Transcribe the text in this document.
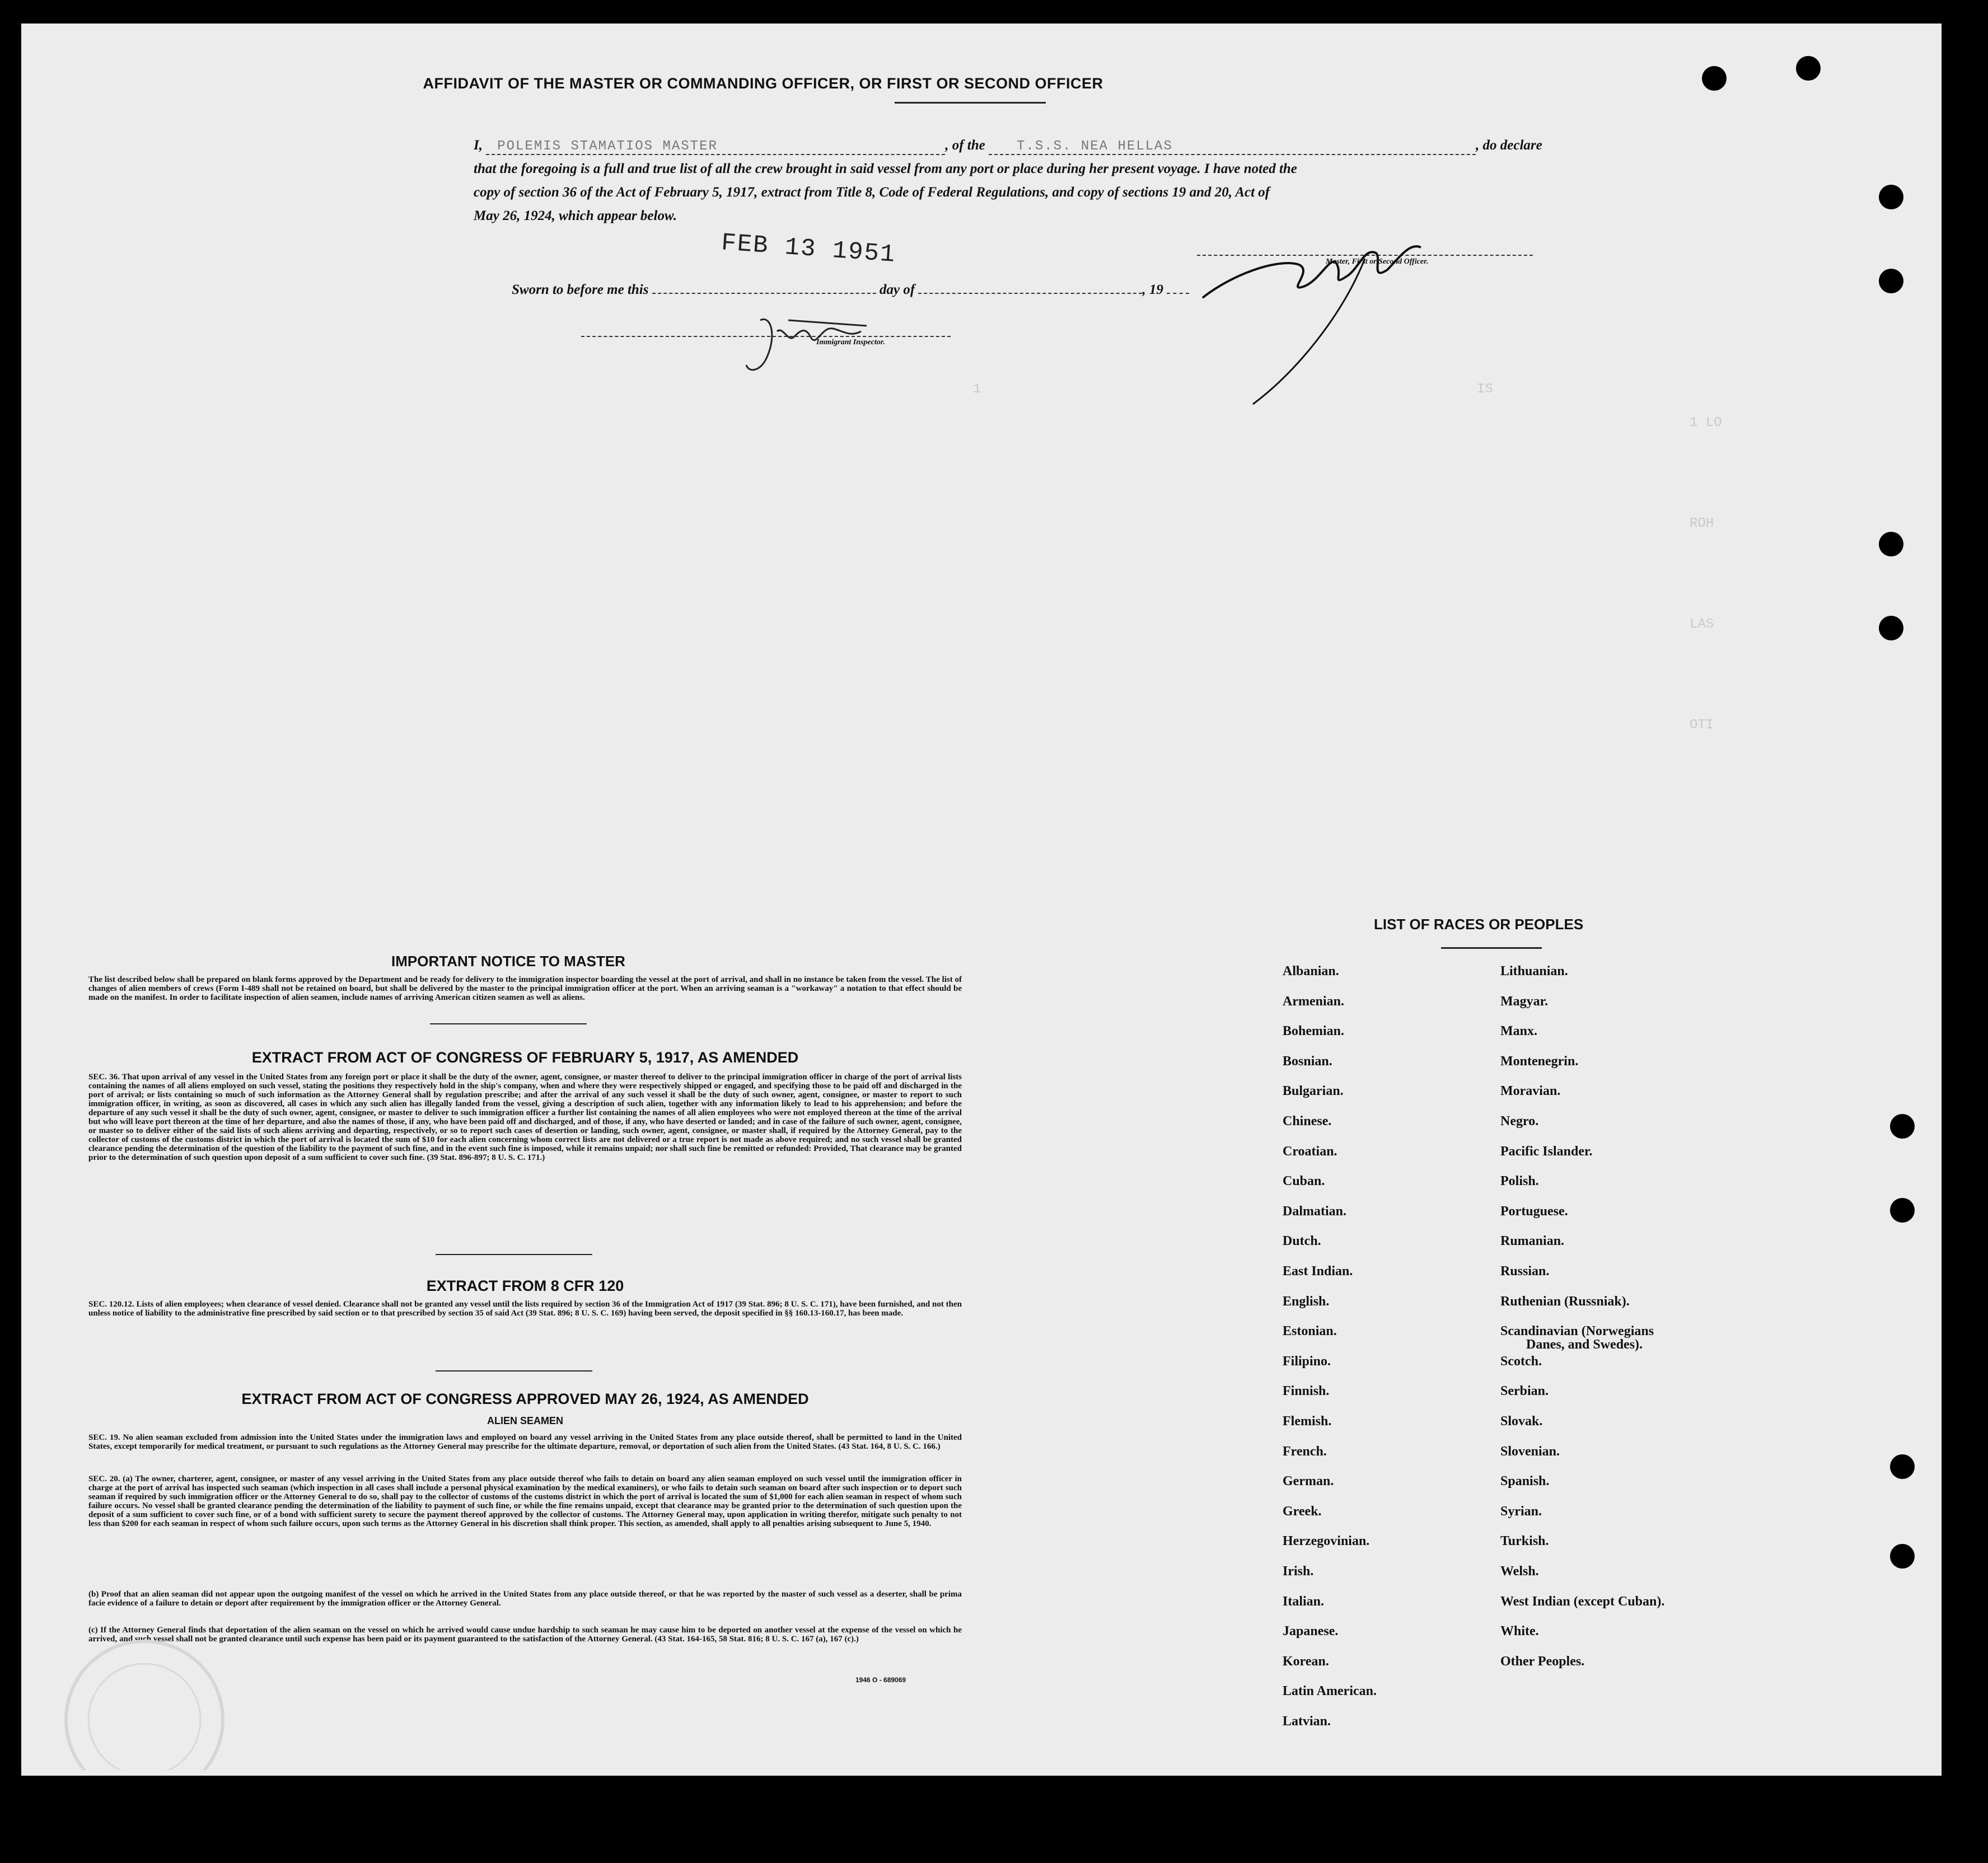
1	IS
1 LO
ROH
LAS
OTI
AFFIDAVIT OF THE MASTER OR COMMANDING OFFICER, OR FIRST OR SECOND OFFICER
I, POLEMIS STAMATIOS MASTER	, of the T.S.S. NEA HELLAS	, do declare
that the foregoing is a full and true list of all the crew brought in said vessel from any port or place during her present voyage. I have noted the
copy of section 36 of the Act of February 5, 1917, extract from Title 8, Code of Federal Regulations, and copy of sections 19 and 20, Act of
May 26, 1924, which appear below.
FEB 13 1951	Master, First or Second Officer.
Sworn to before me this	day of	, 19
Immigrant Inspector.
IMPORTANT NOTICE TO MASTER
The list described below shall be prepared on blank forms approved by the Department and be ready for delivery to the immigration inspector boarding the vessel at the port of arrival, and shall in no instance be taken from the vessel. The list of changes of alien members of crews (Form I-489 shall not be retained on board, but shall be delivered by the master to the principal immigration officer at the port. When an arriving seaman is a "workaway" a notation to that effect should be made on the manifest. In order to facilitate inspection of alien seamen, include names of arriving American citizen seamen as well as aliens.
EXTRACT FROM ACT OF CONGRESS OF FEBRUARY 5, 1917, AS AMENDED
SEC. 36. That upon arrival of any vessel in the United States from any foreign port or place it shall be the duty of the owner, agent, consignee, or master thereof to deliver to the principal immigration officer in charge of the port of arrival lists containing the names of all aliens employed on such vessel, stating the positions they respectively hold in the ship's company, when and where they were respectively shipped or engaged, and specifying those to be paid off and discharged in the port of arrival; or lists containing so much of such information as the Attorney General shall by regulation prescribe; and after the arrival of any such vessel it shall be the duty of such owner, agent, consignee, or master to report to such immigration officer, in writing, as soon as discovered, all cases in which any such alien has illegally landed from the vessel, giving a description of such alien, together with any information likely to lead to his apprehension; and before the departure of any such vessel it shall be the duty of such owner, agent, consignee, or master to deliver to such immigration officer a further list containing the names of all alien employees who were not employed thereon at the time of the arrival but who will leave port thereon at the time of her departure, and also the names of those, if any, who have been paid off and discharged, and of those, if any, who have deserted or landed; and in case of the failure of such owner, agent, consignee, or master so to deliver either of the said lists of such aliens arriving and departing, respectively, or so to report such cases of desertion or landing, such owner, agent, consignee, or master shall, if required by the Attorney General, pay to the collector of customs of the customs district in which the port of arrival is located the sum of $10 for each alien concerning whom correct lists are not delivered or a true report is not made as above required; and no such vessel shall be granted clearance pending the determination of the question of the liability to the payment of such fine, and in the event such fine is imposed, while it remains unpaid; nor shall such fine be remitted or refunded: Provided, That clearance may be granted prior to the determination of such question upon deposit of a sum sufficient to cover such fine. (39 Stat. 896-897; 8 U. S. C. 171.)
EXTRACT FROM 8 CFR 120
SEC. 120.12. Lists of alien employees; when clearance of vessel denied. Clearance shall not be granted any vessel until the lists required by section 36 of the Immigration Act of 1917 (39 Stat. 896; 8 U. S. C. 171), have been furnished, and not then unless notice of liability to the administrative fine prescribed by said section or to that prescribed by section 35 of said Act (39 Stat. 896; 8 U. S. C. 169) having been served, the deposit specified in §§ 160.13-160.17, has been made.
EXTRACT FROM ACT OF CONGRESS APPROVED MAY 26, 1924, AS AMENDED
ALIEN SEAMEN
SEC. 19. No alien seaman excluded from admission into the United States under the immigration laws and employed on board any vessel arriving in the United States from any place outside thereof, shall be permitted to land in the United States, except temporarily for medical treatment, or pursuant to such regulations as the Attorney General may prescribe for the ultimate departure, removal, or deportation of such alien from the United States. (43 Stat. 164, 8 U. S. C. 166.)
SEC. 20. (a) The owner, charterer, agent, consignee, or master of any vessel arriving in the United States from any place outside thereof who fails to detain on board any alien seaman employed on such vessel until the immigration officer in charge at the port of arrival has inspected such seaman (which inspection in all cases shall include a personal physical examination by the medical examiners), or who fails to detain such seaman on board after such inspection or to deport such seaman if required by such immigration officer or the Attorney General to do so, shall pay to the collector of customs of the customs district in which the port of arrival is located the sum of $1,000 for each alien seaman in respect of whom such failure occurs. No vessel shall be granted clearance pending the determination of the liability to payment of such fine, or while the fine remains unpaid, except that clearance may be granted prior to the determination of such question upon the deposit of a sum sufficient to cover such fine, or of a bond with sufficient surety to secure the payment thereof approved by the collector of customs. The Attorney General may, upon application in writing therefor, mitigate such penalty to not less than $200 for each seaman in respect of whom such failure occurs, upon such terms as the Attorney General in his discretion shall think proper. This section, as amended, shall apply to all penalties arising subsequent to June 5, 1940.
(b) Proof that an alien seaman did not appear upon the outgoing manifest of the vessel on which he arrived in the United States from any place outside thereof, or that he was reported by the master of such vessel as a deserter, shall be prima facie evidence of a failure to detain or deport after requirement by the immigration officer or the Attorney General.
(c) If the Attorney General finds that deportation of the alien seaman on the vessel on which he arrived would cause undue hardship to such seaman he may cause him to be deported on another vessel at the expense of the vessel on which he arrived, and such vessel shall not be granted clearance until such expense has been paid or its payment guaranteed to the satisfaction of the Attorney General. (43 Stat. 164-165, 58 Stat. 816; 8 U. S. C. 167 (a), 167 (c).)
1946 O - 689069
LIST OF RACES OR PEOPLES
Albanian.
Armenian.
Bohemian.
Bosnian.
Bulgarian.
Chinese.
Croatian.
Cuban.
Dalmatian.
Dutch.
East Indian.
English.
Estonian.
Filipino.
Finnish.
Flemish.
French.
German.
Greek.
Herzegovinian.
Irish.
Italian.
Japanese.
Korean.
Latin American.
Latvian.
Lithuanian.
Magyar.
Manx.
Montenegrin.
Moravian.
Negro.
Pacific Islander.
Polish.
Portuguese.
Rumanian.
Russian.
Ruthenian (Russniak).
Scandinavian (Norwegians
Danes, and Swedes).
Scotch.
Serbian.
Slovak.
Slovenian.
Spanish.
Syrian.
Turkish.
Welsh.
West Indian (except Cuban).
White.
Other Peoples.
